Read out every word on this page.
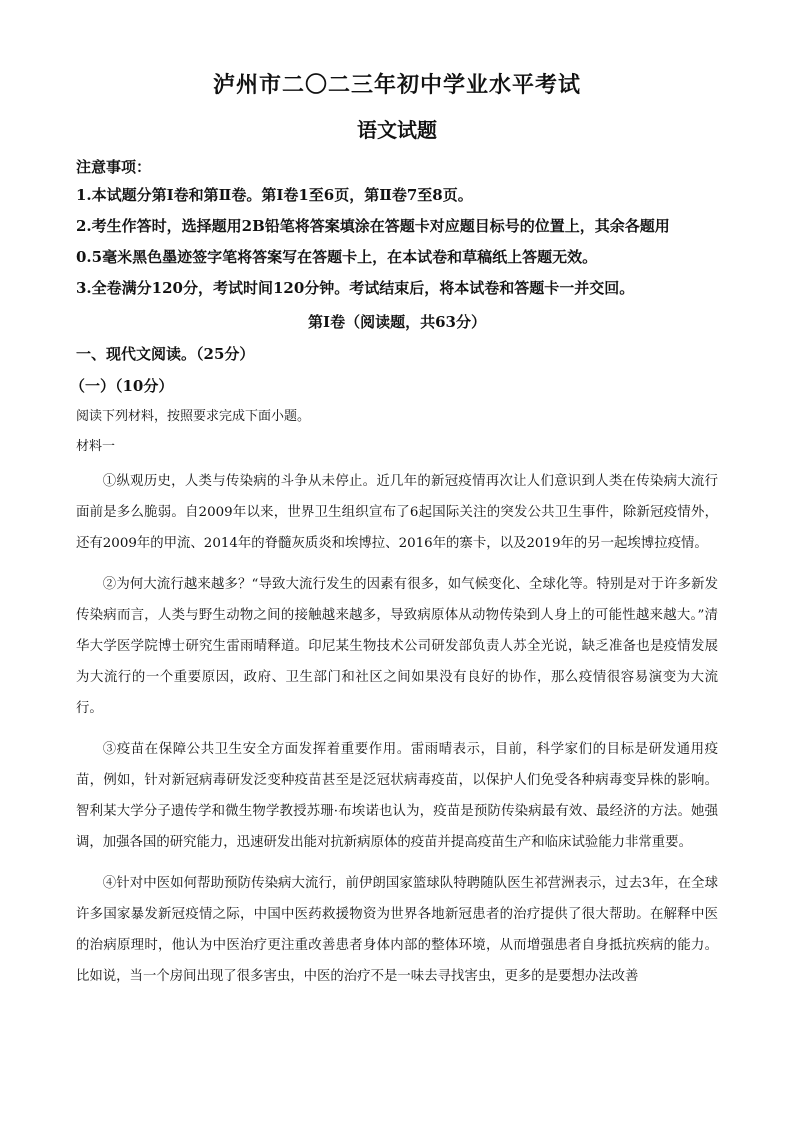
泸州市二〇二三年初中学业水平考试
语文试题

注意事项：

1.本试题分第Ⅰ卷和第Ⅱ卷。第Ⅰ卷1至6页，第Ⅱ卷7至8页。

2.考生作答时，选择题用2B铅笔将答案填涂在答题卡对应题目标号的位置上，其余各题用

0.5毫米黑色墨迹签字笔将答案写在答题卡上，在本试卷和草稿纸上答题无效。

3.全卷满分120分，考试时间120分钟。考试结束后，将本试卷和答题卡一并交回。

第Ⅰ卷（阅读题，共63分）

一、现代文阅读。（25分）

（一）（10分）

阅读下列材料，按照要求完成下面小题。

材料一

①纵观历史，人类与传染病的斗争从未停止。近几年的新冠疫情再次让人们意识到人类在传染病大流行面前是多么脆弱。自2009年以来，世界卫生组织宣布了6起国际关注的突发公共卫生事件，除新冠疫情外，还有2009年的甲流、2014年的脊髓灰质炎和埃博拉、2016年的寨卡，以及2019年的另一起埃博拉疫情。

②为何大流行越来越多？“导致大流行发生的因素有很多，如气候变化、全球化等。特别是对于许多新发传染病而言，人类与野生动物之间的接触越来越多，导致病原体从动物传染到人身上的可能性越来越大。”清华大学医学院博士研究生雷雨晴释道。印尼某生物技术公司研发部负责人苏全光说，缺乏准备也是疫情发展为大流行的一个重要原因，政府、卫生部门和社区之间如果没有良好的协作，那么疫情很容易演变为大流行。

③疫苗在保障公共卫生安全方面发挥着重要作用。雷雨晴表示，目前，科学家们的目标是研发通用疫苗，例如，针对新冠病毒研发泛变种疫苗甚至是泛冠状病毒疫苗，以保护人们免受各种病毒变异株的影响。智利某大学分子遗传学和微生物学教授苏珊·布埃诺也认为，疫苗是预防传染病最有效、最经济的方法。她强调，加强各国的研究能力，迅速研发出能对抗新病原体的疫苗并提高疫苗生产和临床试验能力非常重要。

④针对中医如何帮助预防传染病大流行，前伊朗国家篮球队特聘随队医生祁营洲表示，过去3年，在全球许多国家暴发新冠疫情之际，中国中医药救援物资为世界各地新冠患者的治疗提供了很大帮助。在解释中医的治病原理时，他认为中医治疗更注重改善患者身体内部的整体环境，从而增强患者自身抵抗疾病的能力。比如说，当一个房间出现了很多害虫，中医的治疗不是一味去寻找害虫，更多的是要想办法改善
